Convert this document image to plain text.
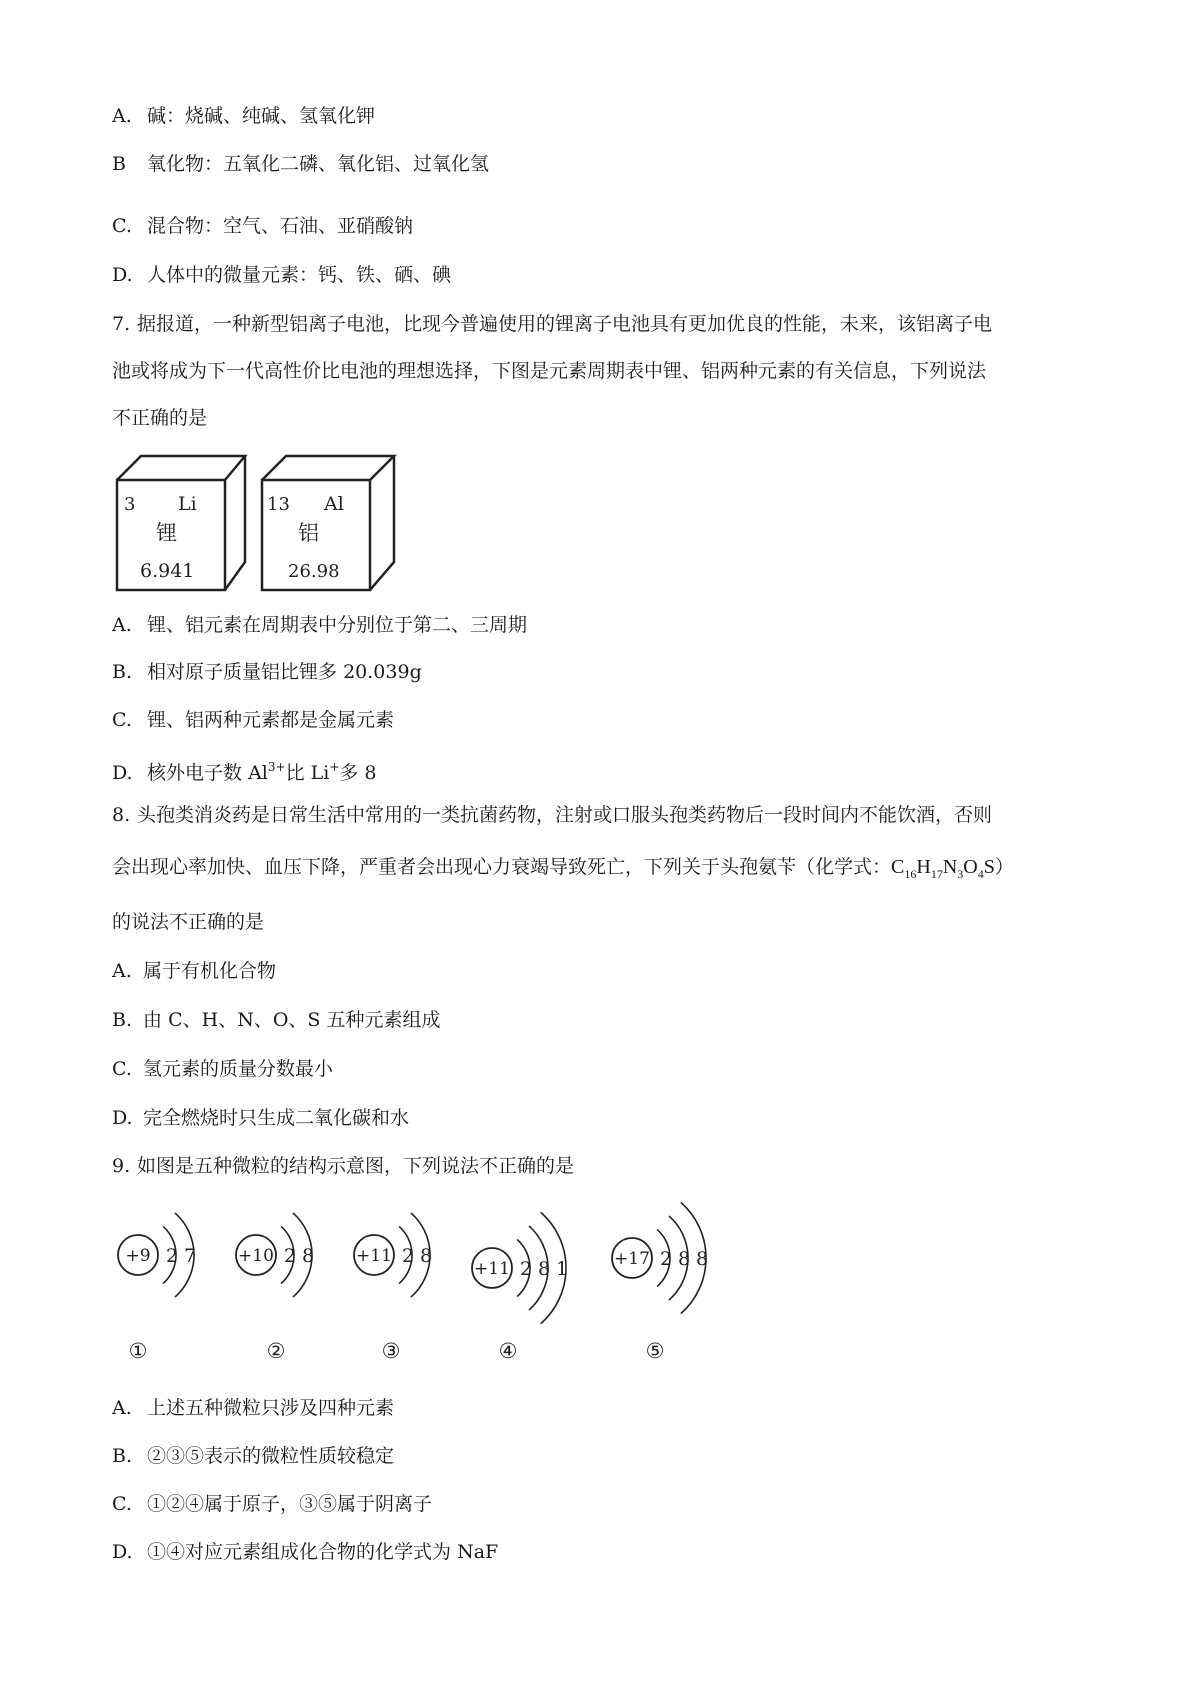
A. 碱：烧碱、纯碱、氢氧化钾
B 氧化物：五氧化二磷、氧化铝、过氧化氢
C. 混合物：空气、石油、亚硝酸钠
D. 人体中的微量元素：钙、铁、硒、碘
7. 据报道，一种新型铝离子电池，比现今普遍使用的锂离子电池具有更加优良的性能，未来，该铝离子电
池或将成为下一代高性价比电池的理想选择，下图是元素周期表中锂、铝两种元素的有关信息，下列说法
不正确的是
3 Li
锂
6.941
13 Al
铝
26.98
A. 锂、铝元素在周期表中分别位于第二、三周期
B. 相对原子质量铝比锂多 20.039g
C. 锂、铝两种元素都是金属元素
D. 核外电子数 $Al^{3+}$比 Li+多 8
8. 头孢类消炎药是日常生活中常用的一类抗菌药物，注射或口服头孢类药物后一段时间内不能饮酒，否则
会出现心率加快、血压下降，严重者会出现心力衰竭导致死亡，下列关于头孢氨苄（化学式：$C_{16}H_{17}N_3O_4S$）
的说法不正确的是
A. 属于有机化合物
B. 由 C、H、N、O、S 五种元素组成
C. 氢元素的质量分数最小
D. 完全燃烧时只生成二氧化碳和水
9. 如图是五种微粒的结构示意图，下列说法不正确的是
+9 2 7
①
+10 2 8
②
+11 2 8
③
+11 2 8 1
④
+17 2 8 8
⑤
A. 上述五种微粒只涉及四种元素
B. ②③⑤表示的微粒性质较稳定
C. ①②④属于原子，③⑤属于阴离子
D. ①④对应元素组成化合物的化学式为 NaF
